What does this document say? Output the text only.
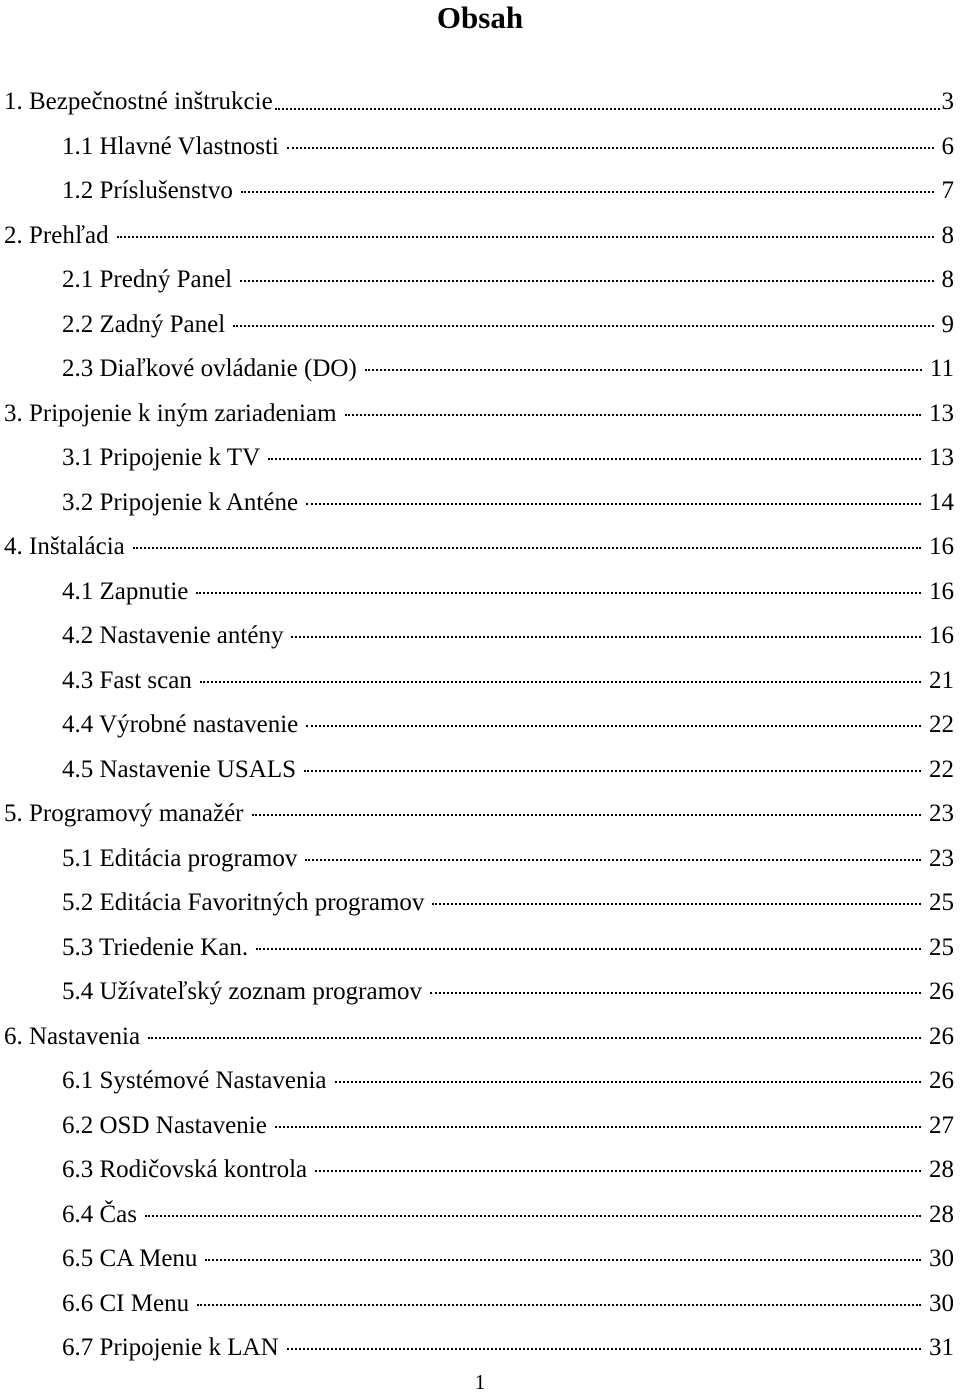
Obsah
1. Bezpečnostné inštrukcie	3
1.1 Hlavné Vlastnosti	6
1.2 Príslušenstvo	7
2. Prehľad	8
2.1 Predný Panel	8
2.2 Zadný Panel	9
2.3 Diaľkové ovládanie (DO)	11
3. Pripojenie k iným zariadeniam	13
3.1 Pripojenie k TV	13
3.2 Pripojenie k Anténe	14
4. Inštalácia	16
4.1 Zapnutie	16
4.2 Nastavenie antény	16
4.3 Fast scan	21
4.4 Výrobné nastavenie	22
4.5 Nastavenie USALS	22
5. Programový manažér	23
5.1 Editácia programov	23
5.2 Editácia Favoritných programov	25
5.3 Triedenie Kan.	25
5.4 Užívateľský zoznam programov	26
6. Nastavenia	26
6.1 Systémové Nastavenia	26
6.2 OSD Nastavenie	27
6.3 Rodičovská kontrola	28
6.4 Čas	28
6.5 CA Menu	30
6.6 CI Menu	30
6.7 Pripojenie k LAN	31
1
